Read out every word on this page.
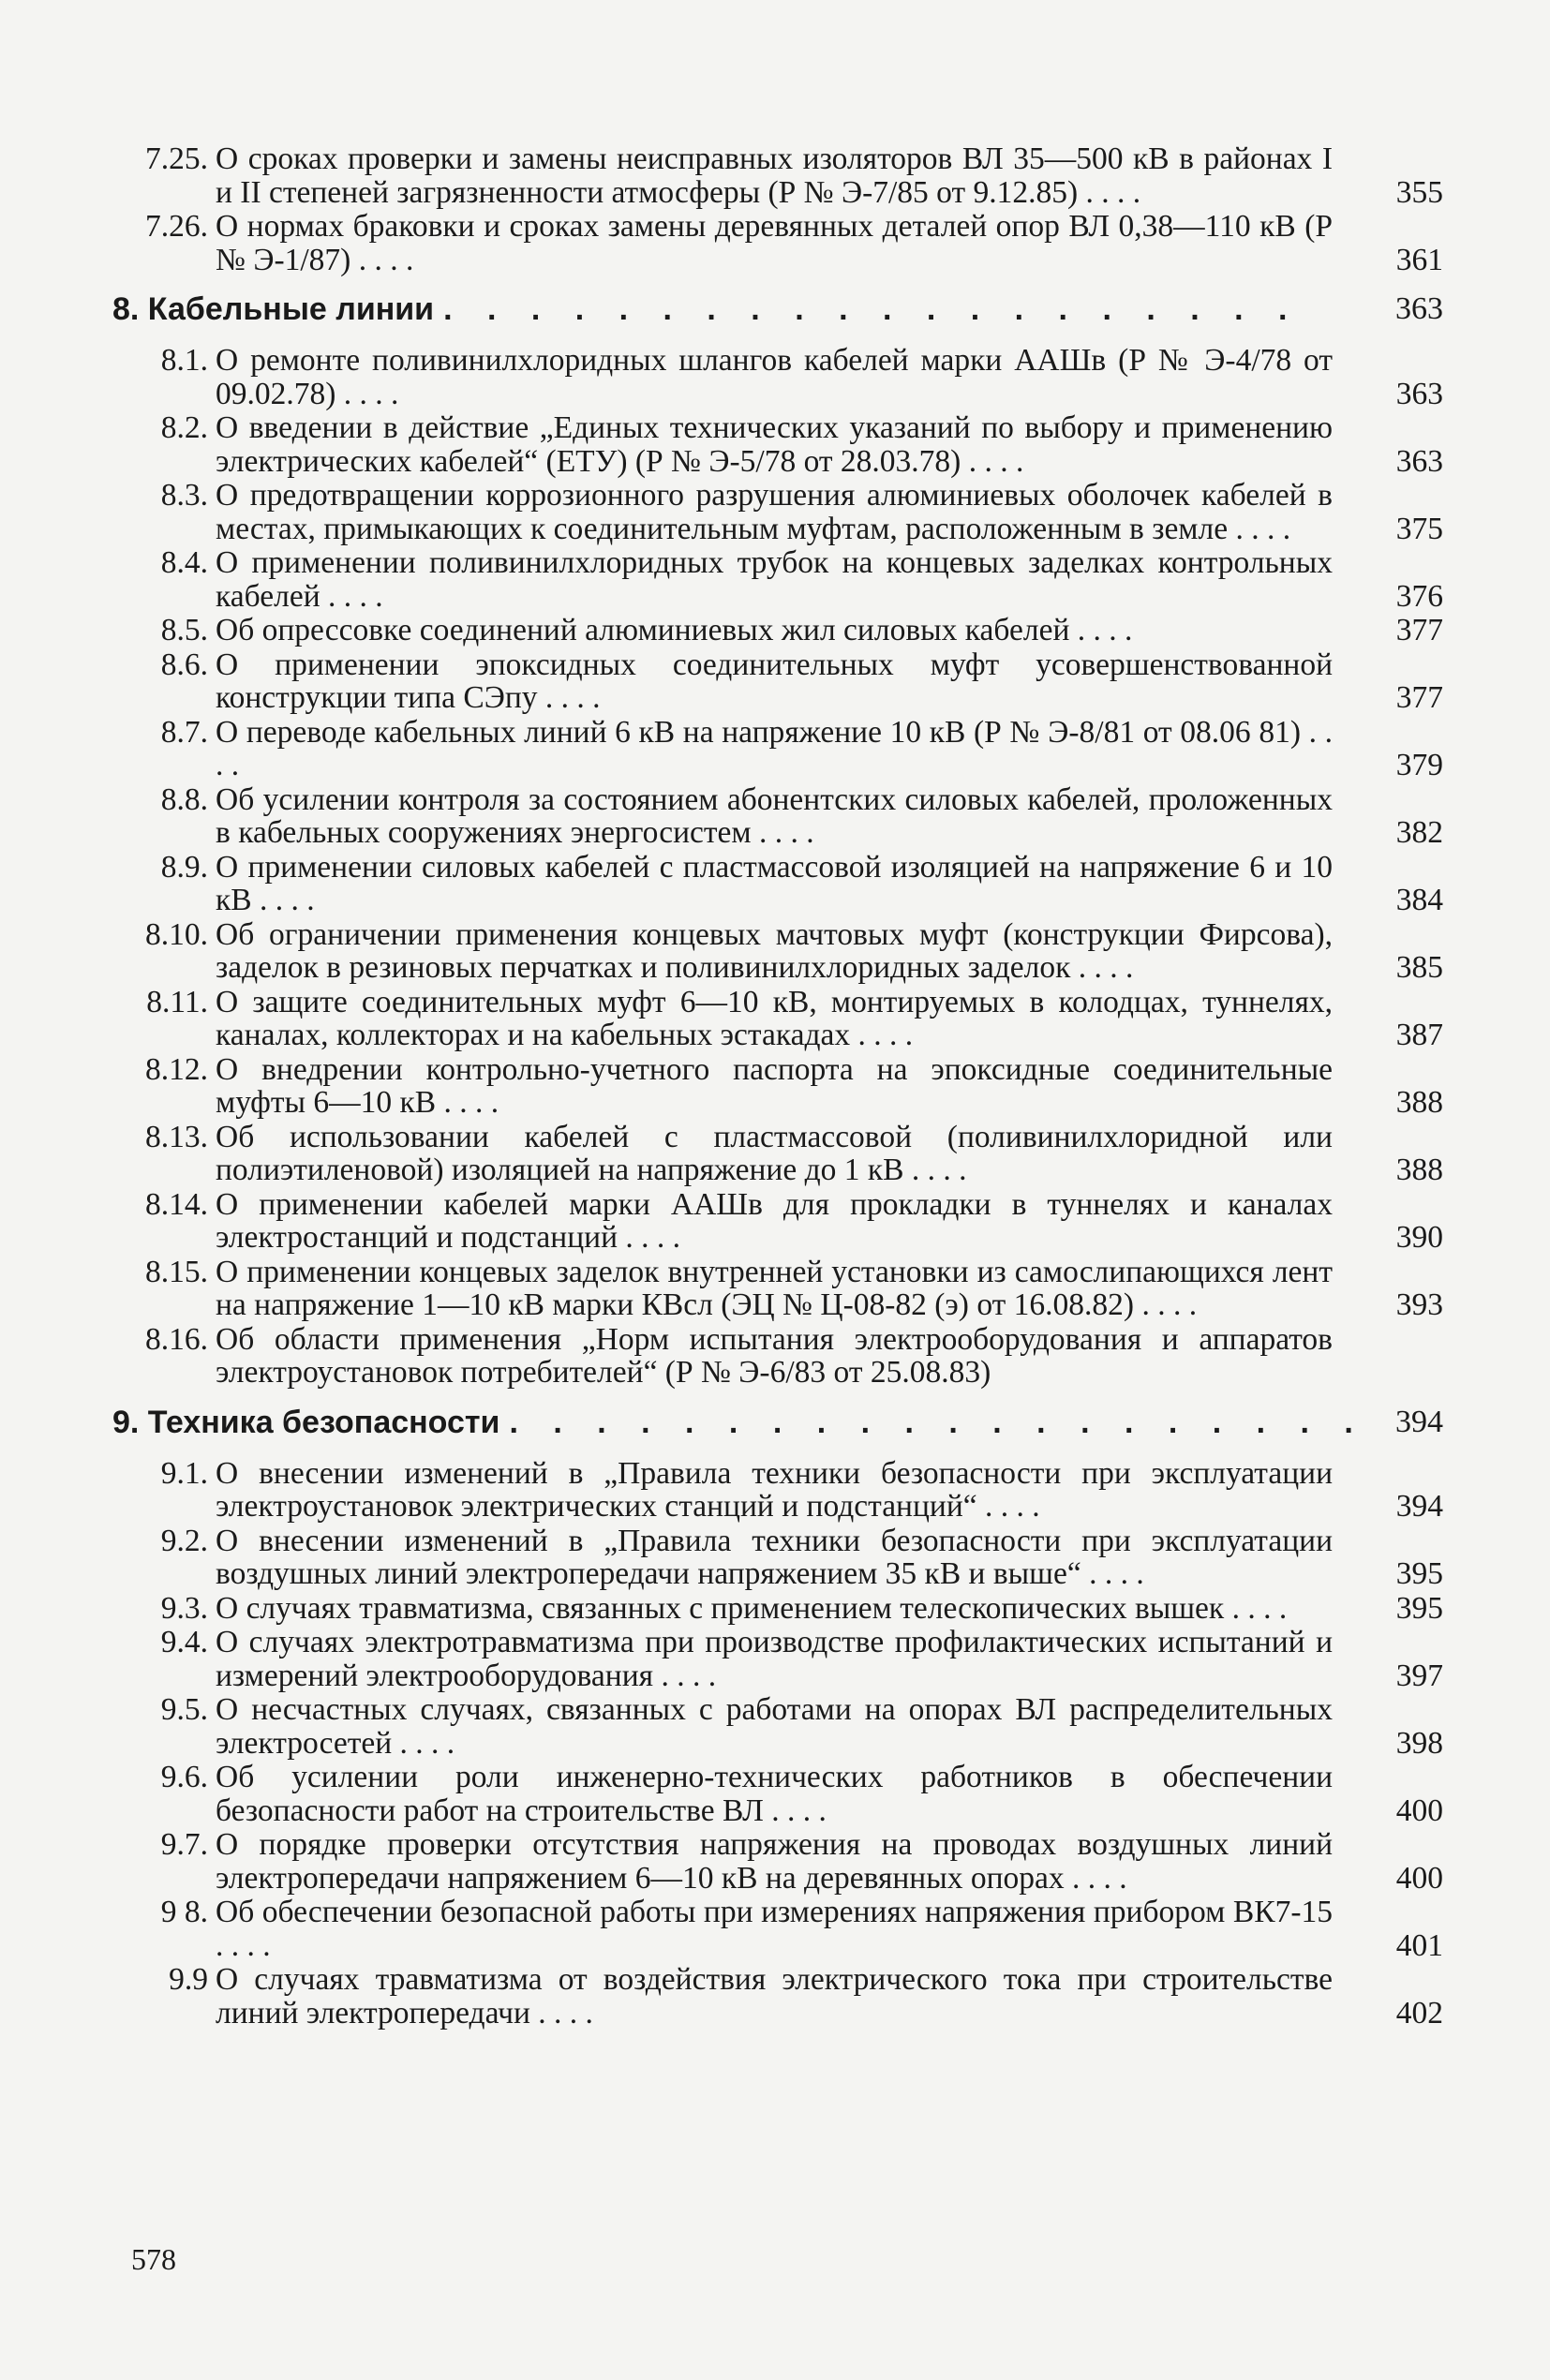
7.25. О сроках проверки и замены неисправных изоляторов ВЛ 35—500 кВ в районах I и II степеней загрязненности атмосферы (Р № Э-7/85 от 9.12.85) . . . .	355
7.26. О нормах браковки и сроках замены деревянных деталей опор ВЛ 0,38—110 кВ (Р № Э-1/87) . . . .	361
8. Кабельные линии . . . . . . . . . . . . . . . . . . . .	363
8.1. О ремонте поливинилхлоридных шлангов кабелей марки ААШв (Р № Э-4/78 от 09.02.78) . . . .	363
8.2. О введении в действие „Единых технических указаний по выбору и применению электрических кабелей“ (ЕТУ) (Р № Э-5/78 от 28.03.78) . . . .	363
8.3. О предотвращении коррозионного разрушения алюминиевых оболочек кабелей в местах, примыкающих к соединительным муфтам, расположенным в земле . . . .	375
8.4. О применении поливинилхлоридных трубок на концевых заделках контрольных кабелей . . . .	376
8.5. Об опрессовке соединений алюминиевых жил силовых кабелей . . . .	377
8.6. О применении эпоксидных соединительных муфт усовершенствованной конструкции типа СЭпу . . . .	377
8.7. О переводе кабельных линий 6 кВ на напряжение 10 кВ (Р № Э-8/81 от 08.06 81) . . . .	379
8.8. Об усилении контроля за состоянием абонентских силовых кабелей, проложенных в кабельных сооружениях энергосистем . . . .	382
8.9. О применении силовых кабелей с пластмассовой изоляцией на напряжение 6 и 10 кВ . . . .	384
8.10. Об ограничении применения концевых мачтовых муфт (конструкции Фирсова), заделок в резиновых перчатках и поливинилхлоридных заделок . . . .	385
8.11. О защите соединительных муфт 6—10 кВ, монтируемых в колодцах, туннелях, каналах, коллекторах и на кабельных эстакадах . . . .	387
8.12. О внедрении контрольно-учетного паспорта на эпоксидные соединительные муфты 6—10 кВ . . . .	388
8.13. Об использовании кабелей с пластмассовой (поливинилхлоридной или полиэтиленовой) изоляцией на напряжение до 1 кВ . . . .	388
8.14. О применении кабелей марки ААШв для прокладки в туннелях и каналах электростанций и подстанций . . . .	390
8.15. О применении концевых заделок внутренней установки из самослипающихся лент на напряжение 1—10 кВ марки КВсл (ЭЦ № Ц-08-82 (э) от 16.08.82) . . . .	393
8.16. Об области применения „Норм испытания электрооборудования и аппаратов электроустановок потребителей“ (Р № Э-6/83 от 25.08.83)
9. Техника безопасности . . . . . . . . . . . . . . . . . . . . 394
9.1. О внесении изменений в „Правила техники безопасности при эксплуатации электроустановок электрических станций и подстанций“ . . . .	394
9.2. О внесении изменений в „Правила техники безопасности при эксплуатации воздушных линий электропередачи напряжением 35 кВ и выше“ . . . .	395
9.3. О случаях травматизма, связанных с применением телескопических вышек . . . .	395
9.4. О случаях электротравматизма при производстве профилактических испытаний и измерений электрооборудования . . . .	397
9.5. О несчастных случаях, связанных с работами на опорах ВЛ распределительных электросетей . . . .	398
9.6. Об усилении роли инженерно-технических работников в обеспечении безопасности работ на строительстве ВЛ . . . .	400
9.7. О порядке проверки отсутствия напряжения на проводах воздушных линий электропередачи напряжением 6—10 кВ на деревянных опорах . . . .	400
9 8. Об обеспечении безопасной работы при измерениях напряжения прибором ВК7-15 . . . .	401
9.9 О случаях травматизма от воздействия электрического тока при строительстве линий электропередачи . . . .	402
578
